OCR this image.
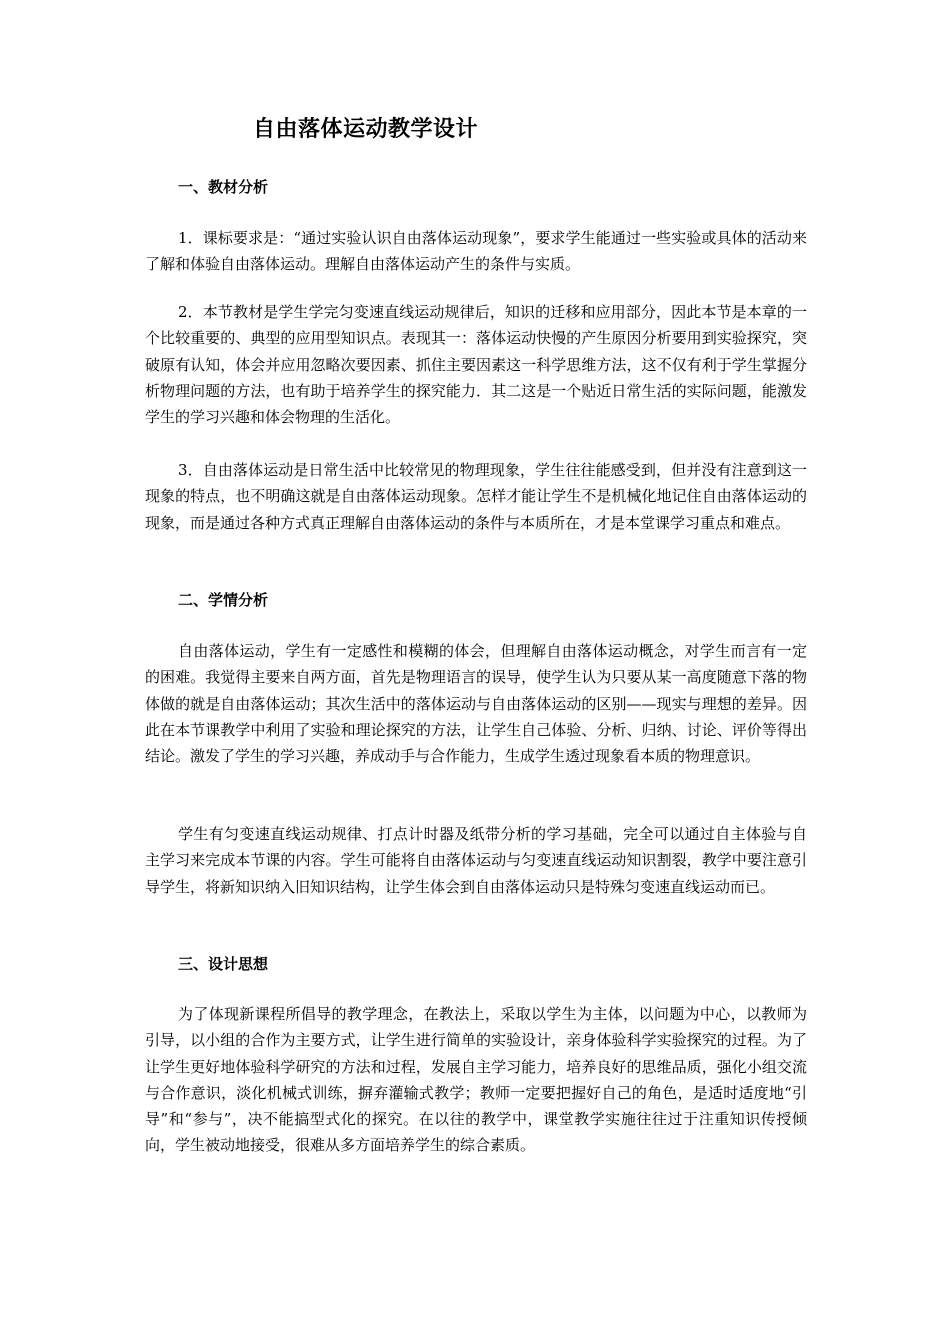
自由落体运动教学设计
一、教材分析

1．课标要求是：“通过实验认识自由落体运动现象”，要求学生能通过一些实验或具体的活动来了解和体验自由落体运动。理解自由落体运动产生的条件与实质。

2．本节教材是学生学完匀变速直线运动规律后，知识的迁移和应用部分，因此本节是本章的一个比较重要的、典型的应用型知识点。表现其一：落体运动快慢的产生原因分析要用到实验探究，突破原有认知，体会并应用忽略次要因素、抓住主要因素这一科学思维方法，这不仅有利于学生掌握分析物理问题的方法，也有助于培养学生的探究能力．其二这是一个贴近日常生活的实际问题，能激发学生的学习兴趣和体会物理的生活化。

3．自由落体运动是日常生活中比较常见的物理现象，学生往往能感受到，但并没有注意到这一现象的特点，也不明确这就是自由落体运动现象。怎样才能让学生不是机械化地记住自由落体运动的现象，而是通过各种方式真正理解自由落体运动的条件与本质所在，才是本堂课学习重点和难点。

二、学情分析

自由落体运动，学生有一定感性和模糊的体会，但理解自由落体运动概念，对学生而言有一定的困难。我觉得主要来自两方面，首先是物理语言的误导，使学生认为只要从某一高度随意下落的物体做的就是自由落体运动；其次生活中的落体运动与自由落体运动的区别——现实与理想的差异。因此在本节课教学中利用了实验和理论探究的方法，让学生自己体验、分析、归纳、讨论、评价等得出结论。激发了学生的学习兴趣，养成动手与合作能力，生成学生透过现象看本质的物理意识。

学生有匀变速直线运动规律、打点计时器及纸带分析的学习基础，完全可以通过自主体验与自主学习来完成本节课的内容。学生可能将自由落体运动与匀变速直线运动知识割裂，教学中要注意引导学生，将新知识纳入旧知识结构，让学生体会到自由落体运动只是特殊匀变速直线运动而已。

三、设计思想

为了体现新课程所倡导的教学理念，在教法上，采取以学生为主体，以问题为中心，以教师为引导，以小组的合作为主要方式，让学生进行简单的实验设计，亲身体验科学实验探究的过程。为了让学生更好地体验科学研究的方法和过程，发展自主学习能力，培养良好的思维品质，强化小组交流与合作意识，淡化机械式训练，摒弃灌输式教学；教师一定要把握好自己的角色，是适时适度地“引导”和“参与”，决不能搞型式化的探究。在以往的教学中，课堂教学实施往往过于注重知识传授倾向，学生被动地接受，很难从多方面培养学生的综合素质。
